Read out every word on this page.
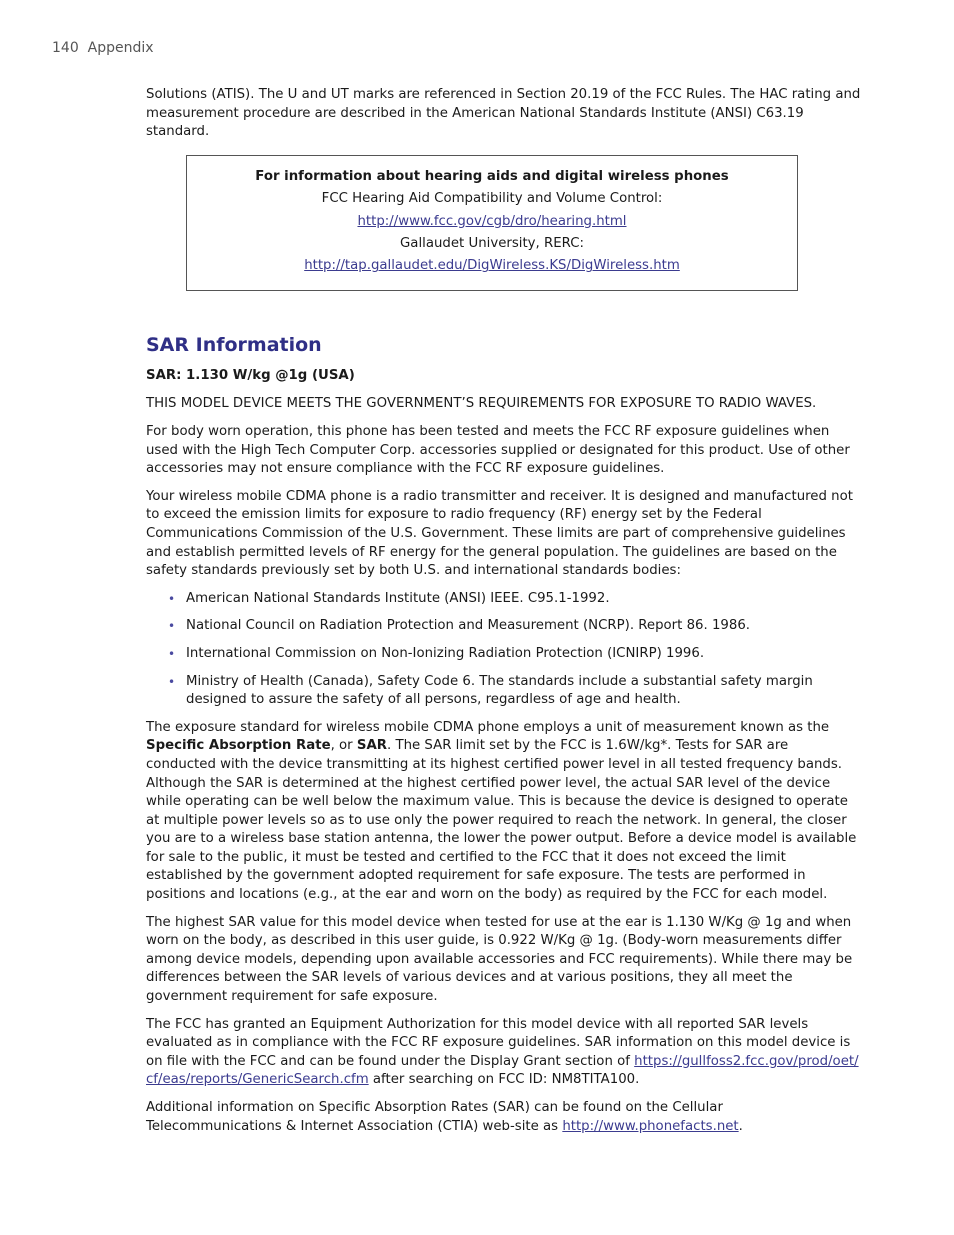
140 Appendix

Solutions (ATIS). The U and UT marks are referenced in Section 20.19 of the FCC Rules. The HAC rating and measurement procedure are described in the American National Standards Institute (ANSI) C63.19 standard.

For information about hearing aids and digital wireless phones
FCC Hearing Aid Compatibility and Volume Control:
http://www.fcc.gov/cgb/dro/hearing.html
Gallaudet University, RERC:
http://tap.gallaudet.edu/DigWireless.KS/DigWireless.htm
SAR Information

SAR: 1.130 W/kg @1g (USA)

THIS MODEL DEVICE MEETS THE GOVERNMENT’S REQUIREMENTS FOR EXPOSURE TO RADIO WAVES.

For body worn operation, this phone has been tested and meets the FCC RF exposure guidelines when used with the High Tech Computer Corp. accessories supplied or designated for this product. Use of other accessories may not ensure compliance with the FCC RF exposure guidelines.

Your wireless mobile CDMA phone is a radio transmitter and receiver. It is designed and manufactured not to exceed the emission limits for exposure to radio frequency (RF) energy set by the Federal Communications Commission of the U.S. Government. These limits are part of comprehensive guidelines and establish permitted levels of RF energy for the general population. The guidelines are based on the safety standards previously set by both U.S. and international standards bodies:

• American National Standards Institute (ANSI) IEEE. C95.1-1992.
• National Council on Radiation Protection and Measurement (NCRP). Report 86. 1986.
• International Commission on Non-Ionizing Radiation Protection (ICNIRP) 1996.
• Ministry of Health (Canada), Safety Code 6. The standards include a substantial safety margin designed to assure the safety of all persons, regardless of age and health.

The exposure standard for wireless mobile CDMA phone employs a unit of measurement known as the Specific Absorption Rate, or SAR. The SAR limit set by the FCC is 1.6W/kg*. Tests for SAR are conducted with the device transmitting at its highest certified power level in all tested frequency bands. Although the SAR is determined at the highest certified power level, the actual SAR level of the device while operating can be well below the maximum value. This is because the device is designed to operate at multiple power levels so as to use only the power required to reach the network. In general, the closer you are to a wireless base station antenna, the lower the power output. Before a device model is available for sale to the public, it must be tested and certified to the FCC that it does not exceed the limit established by the government adopted requirement for safe exposure. The tests are performed in positions and locations (e.g., at the ear and worn on the body) as required by the FCC for each model.

The highest SAR value for this model device when tested for use at the ear is 1.130 W/Kg @ 1g and when worn on the body, as described in this user guide, is 0.922 W/Kg @ 1g. (Body-worn measurements differ among device models, depending upon available accessories and FCC requirements). While there may be differences between the SAR levels of various devices and at various positions, they all meet the government requirement for safe exposure.

The FCC has granted an Equipment Authorization for this model device with all reported SAR levels evaluated as in compliance with the FCC RF exposure guidelines. SAR information on this model device is on file with the FCC and can be found under the Display Grant section of https://gullfoss2.fcc.gov/prod/oet/cf/eas/reports/GenericSearch.cfm after searching on FCC ID: NM8TITA100.

Additional information on Specific Absorption Rates (SAR) can be found on the Cellular Telecommunications & Internet Association (CTIA) web-site as http://www.phonefacts.net.
